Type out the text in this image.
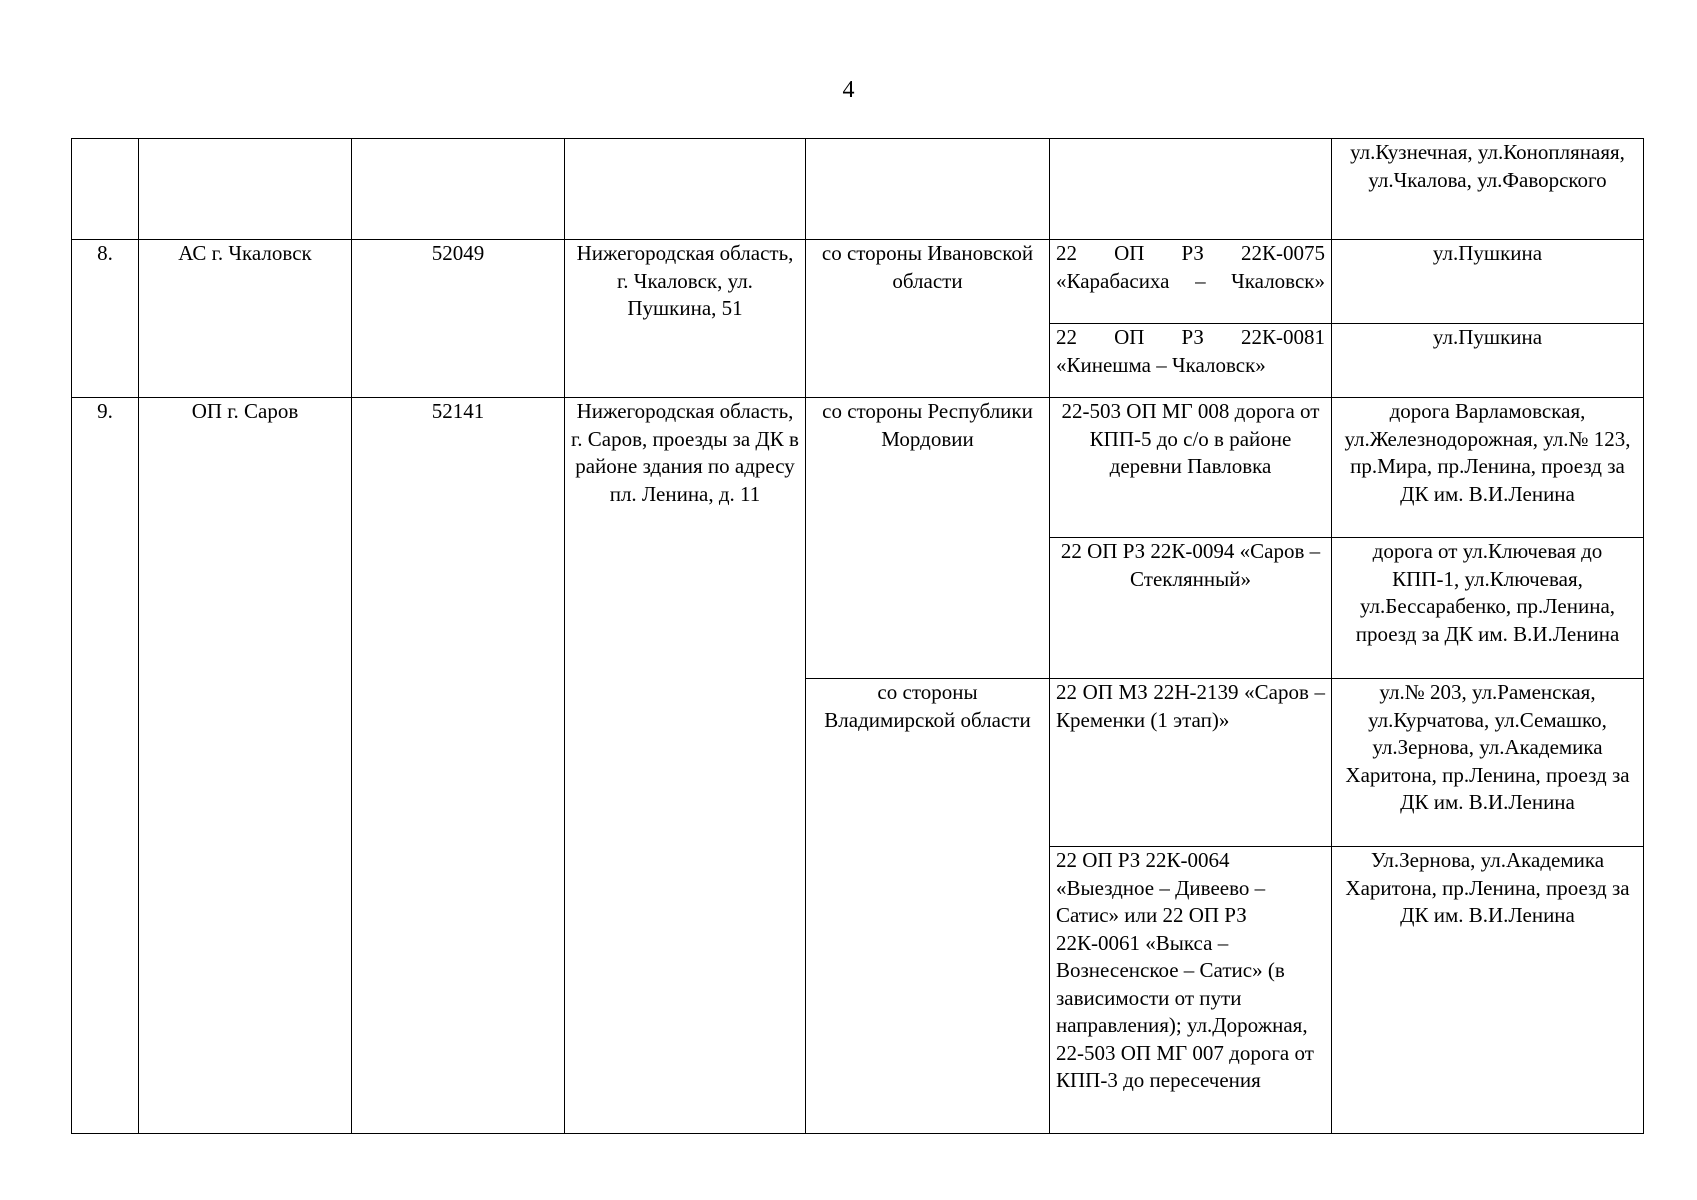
4
						ул.Кузнечная, ул.Коноплянаяя, ул.Чкалова, ул.Фаворского
8.	АС г. Чкаловск	52049	Нижегородская область, г. Чкаловск, ул. Пушкина, 51	со стороны Ивановской области	22 ОП РЗ 22К-0075 «Карабасиха – Чкаловск»	ул.Пушкина
					22 ОП РЗ 22К-0081 «Кинешма – Чкаловск»	ул.Пушкина
9.	ОП г. Саров	52141	Нижегородская область, г. Саров, проезды за ДК в районе здания по адресу пл. Ленина, д. 11	со стороны Республики Мордовии	22-503 ОП МГ 008 дорога от КПП-5 до с/о в районе деревни Павловка	дорога Варламовская, ул.Железнодорожная, ул.№ 123, пр.Мира, пр.Ленина, проезд за ДК им. В.И.Ленина
					22 ОП РЗ 22К-0094 «Саров – Стеклянный»	дорога от ул.Ключевая до КПП-1, ул.Ключевая, ул.Бессарабенко, пр.Ленина, проезд за ДК им. В.И.Ленина
				со стороны Владимирской области	22 ОП МЗ 22Н-2139 «Саров – Кременки (1 этап)»	ул.№ 203, ул.Раменская, ул.Курчатова, ул.Семашко, ул.Зернова, ул.Академика Харитона, пр.Ленина, проезд за ДК им. В.И.Ленина

					22 ОП РЗ 22К-0064 «Выездное – Дивеево – Сатис» или 22 ОП РЗ 22К-0061 «Выкса – Вознесенское – Сатис» (в зависимости от пути направления); ул.Дорожная, 22-503 ОП МГ 007 дорога от КПП-3 до пересечения	Ул.Зернова, ул.Академика Харитона, пр.Ленина, проезд за ДК им. В.И.Ленина
